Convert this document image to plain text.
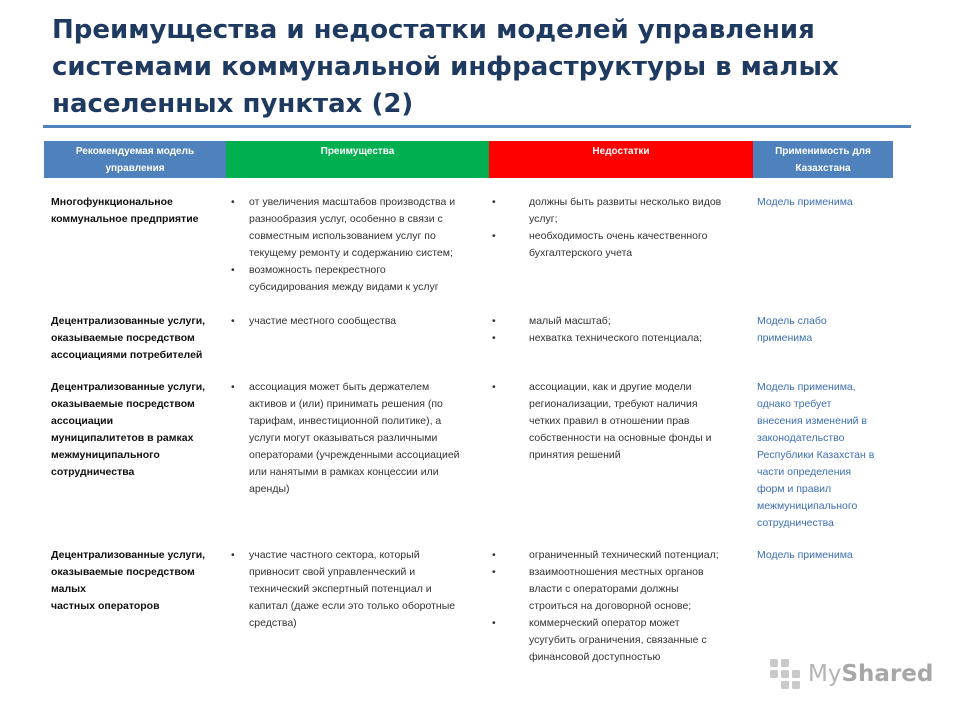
Преимущества и недостатки моделей управления
системами коммунальной инфраструктуры в малых
населенных пунктах (2)
Рекомендуемая модель
управления
Преимущества	Недостатки	Применимость для
Казахстана
Многофункциональное
коммунальное предприятие
• от увеличения масштабов производства и
разнообразия услуг, особенно в связи с
совместным использованием услуг по
текущему ремонту и содержанию систем;
• возможность перекрестного
субсидирования между видами к услуг
• должны быть развиты несколько видов
услуг;
• необходимость очень качественного
бухгалтерского учета
Модель применима
Децентрализованные услуги,
оказываемые посредством
ассоциациями потребителей
• участие местного сообщества
•	малый масштаб;
• нехватка технического потенциала;
Модель слабо
применима
Децентрализованные услуги,
оказываемые посредством
ассоциации
муниципалитетов в рамках
межмуниципального
сотрудничества
• ассоциация может быть держателем
активов и (или) принимать решения (по
тарифам, инвестиционной политике), а
услуги могут оказываться различными
операторами (учрежденными ассоциацией
или нанятыми в рамках концессии или
аренды)
• ассоциации, как и другие модели
регионализации, требуют наличия
четких правил в отношении прав
собственности на основные фонды и
принятия решений
Модель применима,
однако требует
внесения изменений в
законодательство
Республики Казахстан в
части определения
форм и правил
межмуниципального
сотрудничества
Децентрализованные услуги,
оказываемые посредством
малых
частных операторов
• участие частного сектора, который
привносит свой управленческий и
технический экспертный потенциал и
капитал (даже если это только оборотные
средства)
• ограниченный технический потенциал;
• взаимоотношения местных органов
власти с операторами должны
строиться на договорной основе;
• коммерческий оператор может
усугубить ограничения, связанные с
финансовой доступностью
Модель применима
MyShared
